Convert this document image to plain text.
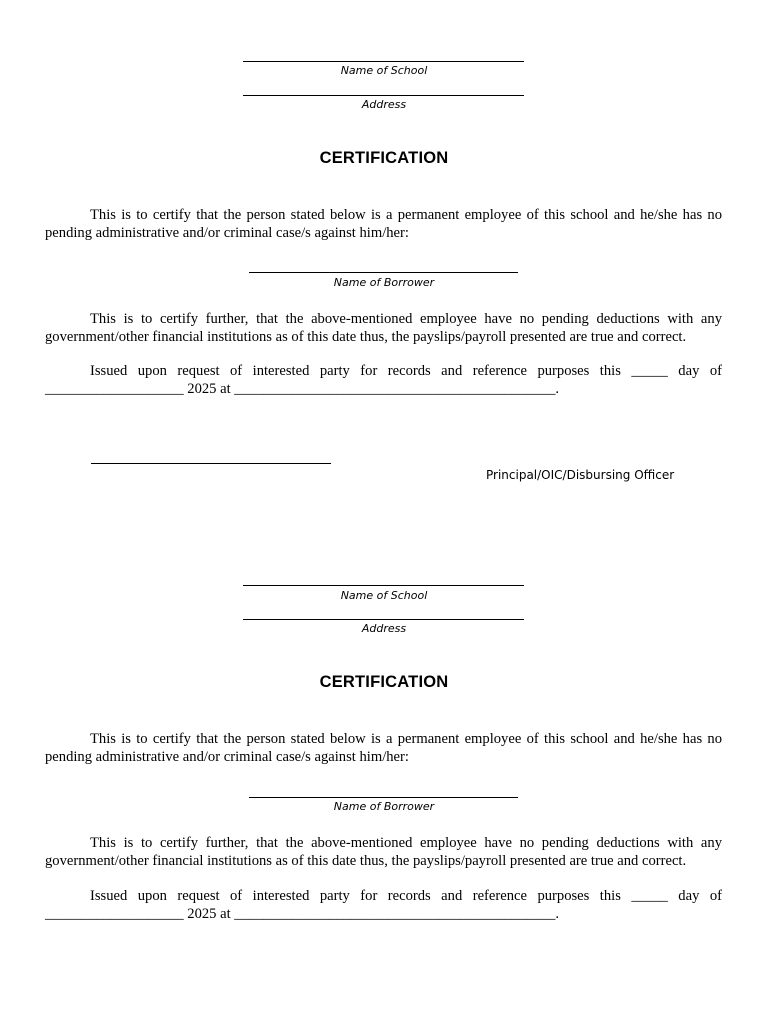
Name of School
Address
CERTIFICATION
This is to certify that the person stated below is a permanent employee of this school and he/she has no pending administrative and/or criminal case/s against him/her:
Name of Borrower
This is to certify further, that the above-mentioned employee have no pending deductions with any government/other financial institutions as of this date thus, the payslips/payroll presented are true and correct.
Issued upon request of interested party for records and reference purposes this _____ day of ___________________ 2025 at ____________________________________________.
Principal/OIC/Disbursing Officer
Name of School
Address
CERTIFICATION
This is to certify that the person stated below is a permanent employee of this school and he/she has no pending administrative and/or criminal case/s against him/her:
Name of Borrower
This is to certify further, that the above-mentioned employee have no pending deductions with any government/other financial institutions as of this date thus, the payslips/payroll presented are true and correct.
Issued upon request of interested party for records and reference purposes this _____ day of ___________________ 2025 at ____________________________________________.
